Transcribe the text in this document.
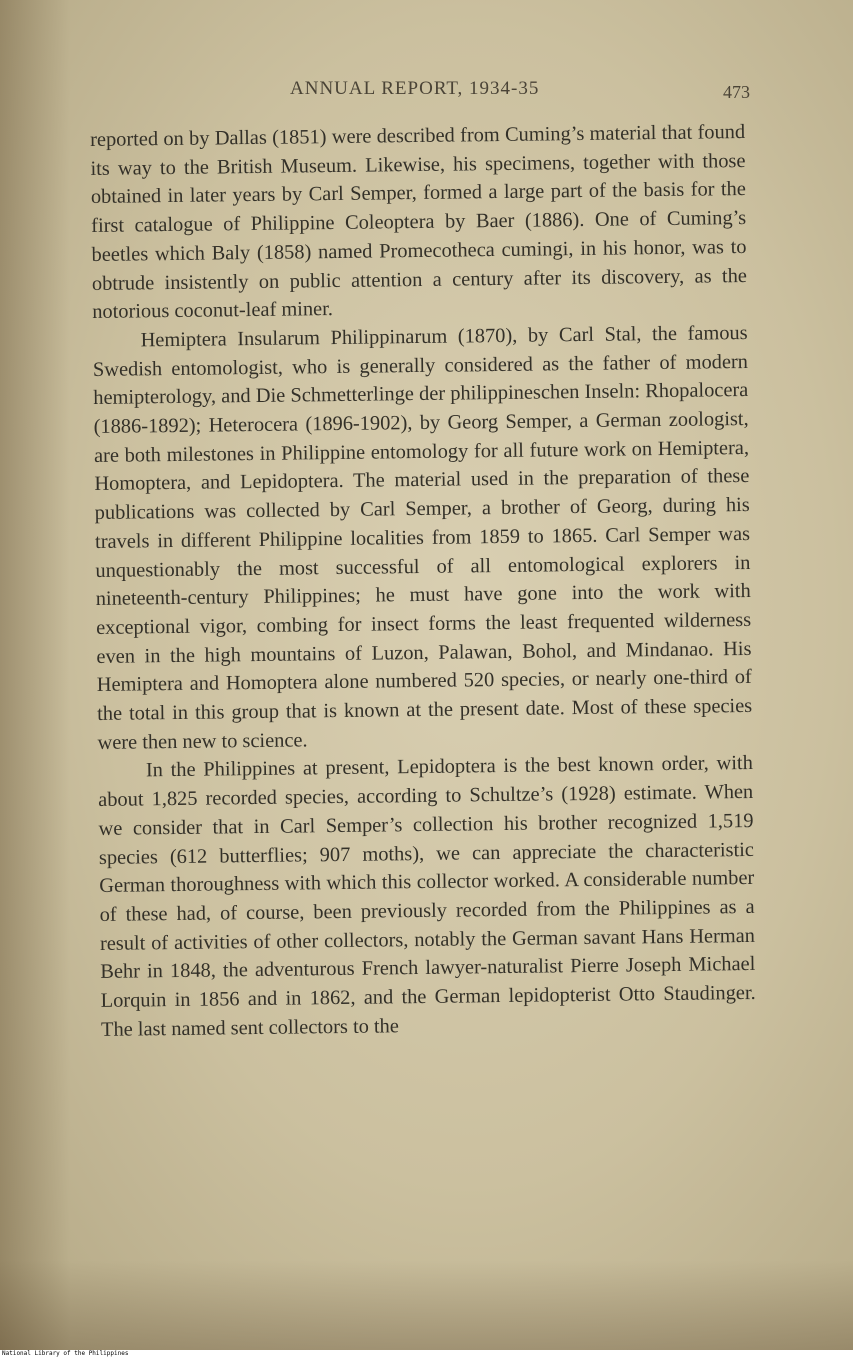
ANNUAL REPORT, 1934-35	473

reported on by Dallas (1851) were described from Cuming’s material that found its way to the British Museum. Likewise, his specimens, together with those obtained in later years by Carl Semper, formed a large part of the basis for the first catalogue of Philippine Coleoptera by Baer (1886). One of Cuming’s beetles which Baly (1858) named Promecotheca cumingi, in his honor, was to obtrude insistently on public attention a century after its discovery, as the notorious coconut-leaf miner.

Hemiptera Insularum Philippinarum (1870), by Carl Stal, the famous Swedish entomologist, who is generally considered as the father of modern hemipterology, and Die Schmetterlinge der philippineschen Inseln: Rhopalocera (1886-1892); Heterocera (1896-1902), by Georg Semper, a German zoologist, are both milestones in Philippine entomology for all future work on Hemiptera, Homoptera, and Lepidoptera. The material used in the preparation of these publications was collected by Carl Semper, a brother of Georg, during his travels in different Philippine localities from 1859 to 1865. Carl Semper was unquestionably the most successful of all entomological explorers in nineteenth-century Philippines; he must have gone into the work with exceptional vigor, combing for insect forms the least frequented wilderness even in the high mountains of Luzon, Palawan, Bohol, and Mindanao. His Hemiptera and Homoptera alone numbered 520 species, or nearly one-third of the total in this group that is known at the present date. Most of these species were then new to science.

In the Philippines at present, Lepidoptera is the best known order, with about 1,825 recorded species, according to Schultze’s (1928) estimate. When we consider that in Carl Semper’s collection his brother recognized 1,519 species (612 butterflies; 907 moths), we can appreciate the characteristic German thoroughness with which this collector worked. A considerable number of these had, of course, been previously recorded from the Philippines as a result of activities of other collectors, notably the German savant Hans Herman Behr in 1848, the adventurous French lawyer-naturalist Pierre Joseph Michael Lorquin in 1856 and in 1862, and the German lepidopterist Otto Staudinger. The last named sent collectors to the

National Library of the Philippines
